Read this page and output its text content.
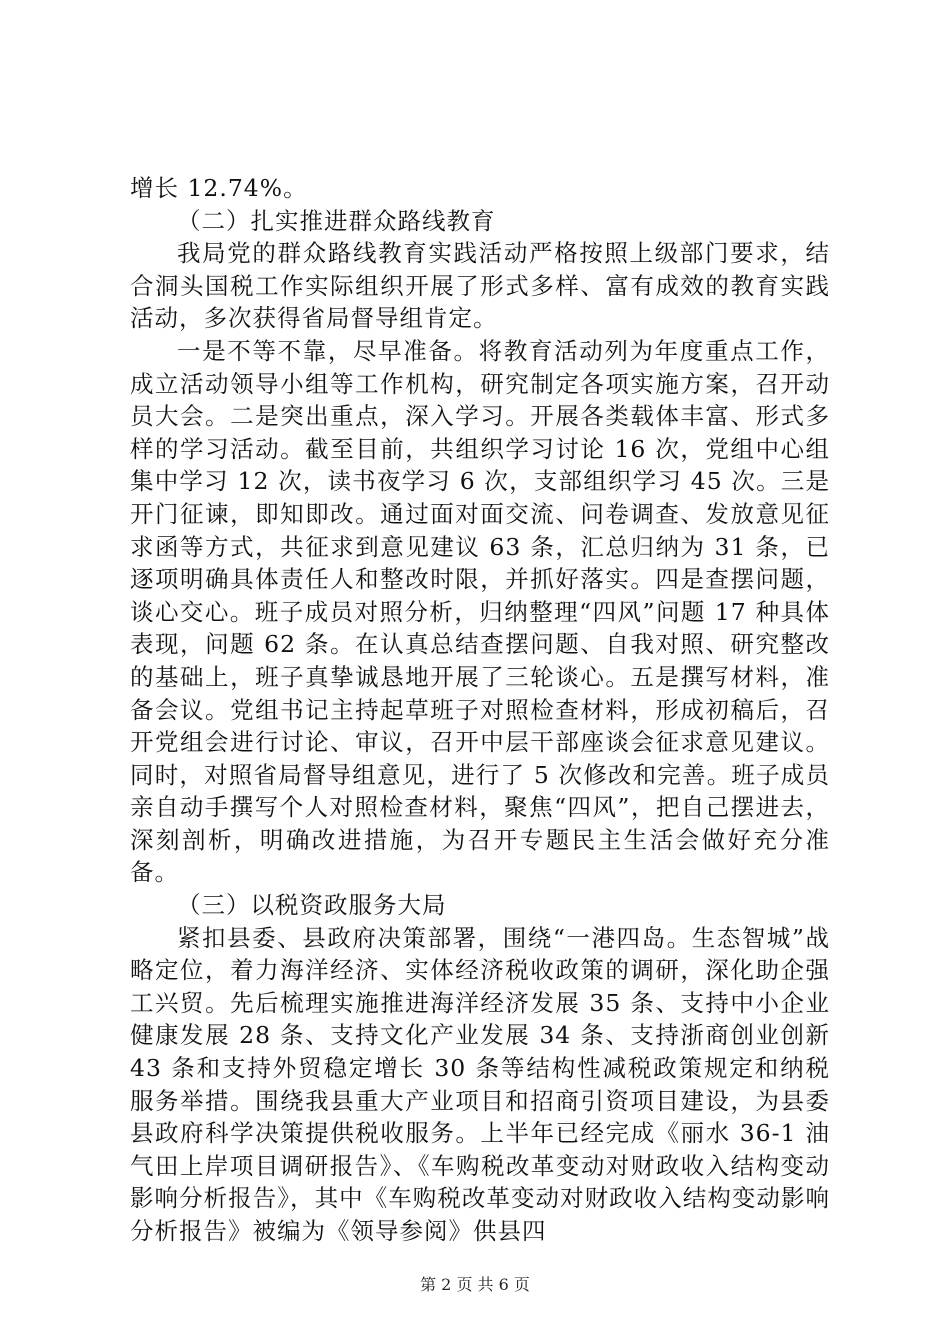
增长 12.74%。

（二）扎实推进群众路线教育

我局党的群众路线教育实践活动严格按照上级部门要求，结合洞头国税工作实际组织开展了形式多样、富有成效的教育实践活动，多次获得省局督导组肯定。

一是不等不靠，尽早准备。将教育活动列为年度重点工作，成立活动领导小组等工作机构，研究制定各项实施方案，召开动员大会。二是突出重点，深入学习。开展各类载体丰富、形式多样的学习活动。截至目前，共组织学习讨论 16 次，党组中心组集中学习 12 次，读书夜学习 6 次，支部组织学习 45 次。三是开门征谏，即知即改。通过面对面交流、问卷调查、发放意见征求函等方式，共征求到意见建议 63 条，汇总归纳为 31 条，已逐项明确具体责任人和整改时限，并抓好落实。四是查摆问题，谈心交心。班子成员对照分析，归纳整理“四风”问题 17 种具体表现，问题 62 条。在认真总结查摆问题、自我对照、研究整改的基础上，班子真挚诚恳地开展了三轮谈心。五是撰写材料，准备会议。党组书记主持起草班子对照检查材料，形成初稿后，召开党组会进行讨论、审议，召开中层干部座谈会征求意见建议。同时，对照省局督导组意见，进行了 5 次修改和完善。班子成员亲自动手撰写个人对照检查材料，聚焦“四风”，把自己摆进去，深刻剖析，明确改进措施，为召开专题民主生活会做好充分准备。

（三）以税资政服务大局

紧扣县委、县政府决策部署，围绕“一港四岛。生态智城”战略定位，着力海洋经济、实体经济税收政策的调研，深化助企强工兴贸。先后梳理实施推进海洋经济发展 35 条、支持中小企业健康发展 28 条、支持文化产业发展 34 条、支持浙商创业创新 43 条和支持外贸稳定增长 30 条等结构性减税政策规定和纳税服务举措。围绕我县重大产业项目和招商引资项目建设，为县委县政府科学决策提供税收服务。上半年已经完成《丽水 36-1 油气田上岸项目调研报告》、《车购税改革变动对财政收入结构变动影响分析报告》，其中《车购税改革变动对财政收入结构变动影响分析报告》被编为《领导参阅》供县四

第 2 页 共 6 页
